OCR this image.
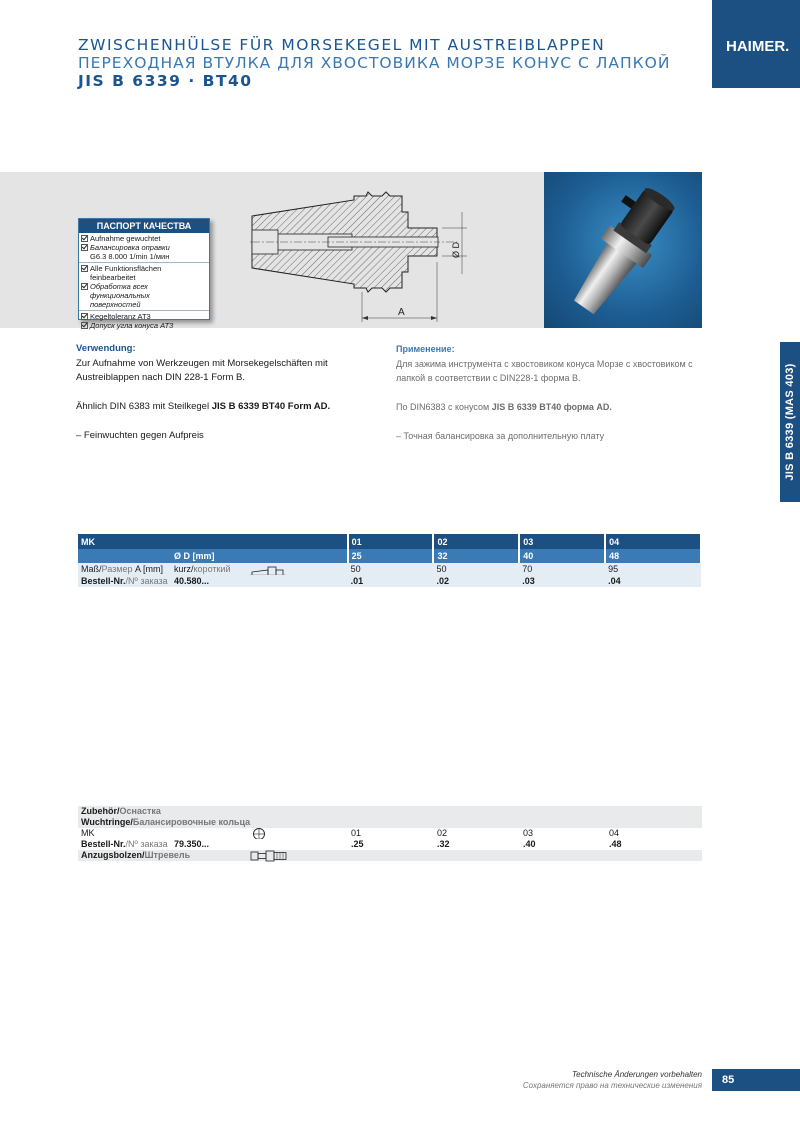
ZWISCHENHÜLSE FÜR MORSEKEGEL MIT AUSTREIBLAPPEN
ПЕРЕХОДНАЯ ВТУЛКА ДЛЯ ХВОСТОВИКА МОРЗЕ КОНУС С ЛАПКОЙ
JIS B 6339 · BT40
HAIMER.
ПАСПОРТ КАЧЕСТВА
Aufnahme gewuchtet
Балансировка оправки
G6.3 8.000 1/min 1/мин
Alle Funktionsflächen feinbearbeitet
Обработка всех функциональных
поверхностей
Kegeltoleranz AT3
Допуск угла конуса AT3
A
Ø D
JIS B 6339 (MAS 403)
Verwendung:
Zur Aufnahme von Werkzeugen mit Morsekegelschäften mit Austreiblappen nach DIN 228-1 Form B.
Ähnlich DIN 6383 mit Steilkegel JIS B 6339 BT40 Form AD.
– Feinwuchten gegen Aufpreis
Применение:
Для зажима инструмента с хвостовиком конуса Морзе с хвостовиком с лапкой в соответствии с DIN228-1 форма B.
По DIN6383 с конусом JIS B 6339 BT40 форма AD.
– Точная балансировка за дополнительную плату
MK	01	02	03	04
Ø D [mm]	25	32	40	48
Maß/Размер A [mm] kurz/короткий	50	50	70	95
Bestell-Nr./Nº заказа 40.580...	.01	.02	.03	.04
Zubehör/Оснастка				
Wuchtringe/Балансировочные кольца				
MK	01	02	03	04
Bestell-Nr./Nº заказа 79.350...	.25	.32	.40	.48
Anzugsbolzen/Штревель				
Technische Änderungen vorbehalten
Сохраняется право на технические изменения	85
